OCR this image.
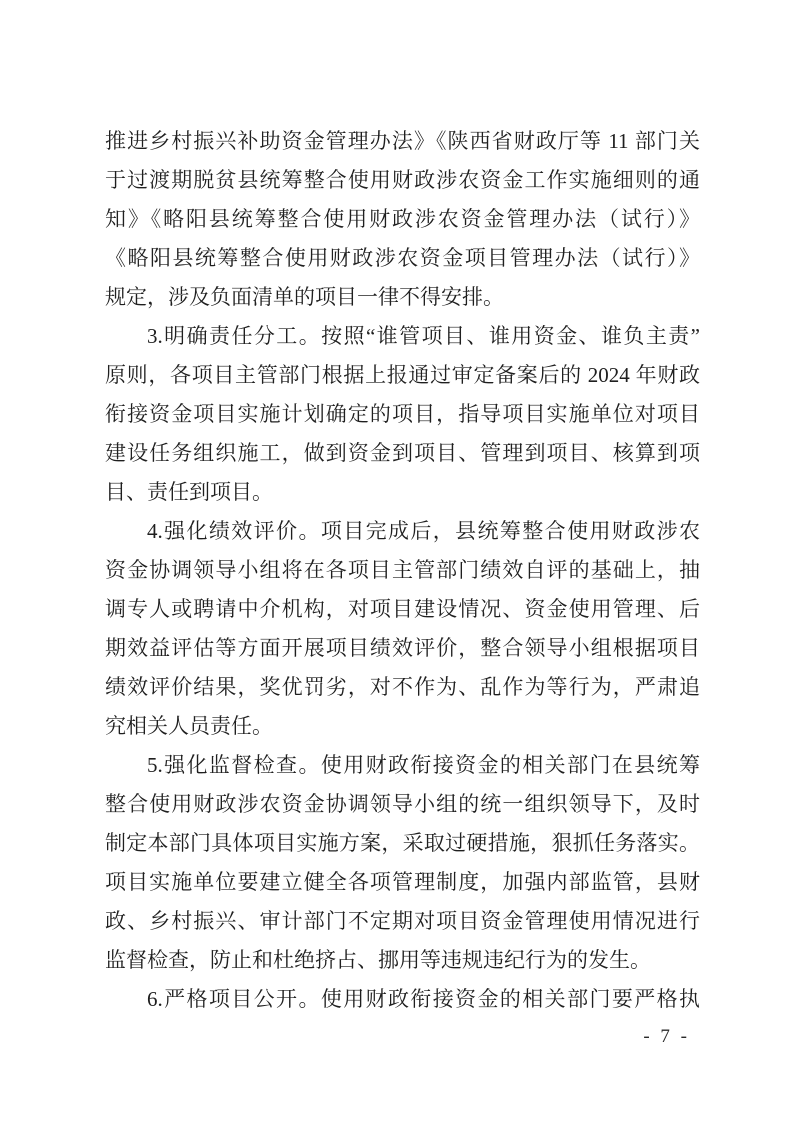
推进乡村振兴补助资金管理办法》《陕西省财政厅等 11 部门关
于过渡期脱贫县统筹整合使用财政涉农资金工作实施细则的通
知》《略阳县统筹整合使用财政涉农资金管理办法（试行）》
《略阳县统筹整合使用财政涉农资金项目管理办法（试行）》
规定，涉及负面清单的项目一律不得安排。
3.明确责任分工。按照“谁管项目、谁用资金、谁负主责”
原则，各项目主管部门根据上报通过审定备案后的 2024 年财政
衔接资金项目实施计划确定的项目，指导项目实施单位对项目
建设任务组织施工，做到资金到项目、管理到项目、核算到项
目、责任到项目。
4.强化绩效评价。项目完成后，县统筹整合使用财政涉农
资金协调领导小组将在各项目主管部门绩效自评的基础上，抽
调专人或聘请中介机构，对项目建设情况、资金使用管理、后
期效益评估等方面开展项目绩效评价，整合领导小组根据项目
绩效评价结果，奖优罚劣，对不作为、乱作为等行为，严肃追
究相关人员责任。
5.强化监督检查。使用财政衔接资金的相关部门在县统筹
整合使用财政涉农资金协调领导小组的统一组织领导下，及时
制定本部门具体项目实施方案，采取过硬措施，狠抓任务落实。
项目实施单位要建立健全各项管理制度，加强内部监管，县财
政、乡村振兴、审计部门不定期对项目资金管理使用情况进行
监督检查，防止和杜绝挤占、挪用等违规违纪行为的发生。
6.严格项目公开。使用财政衔接资金的相关部门要严格执
- 7 -
